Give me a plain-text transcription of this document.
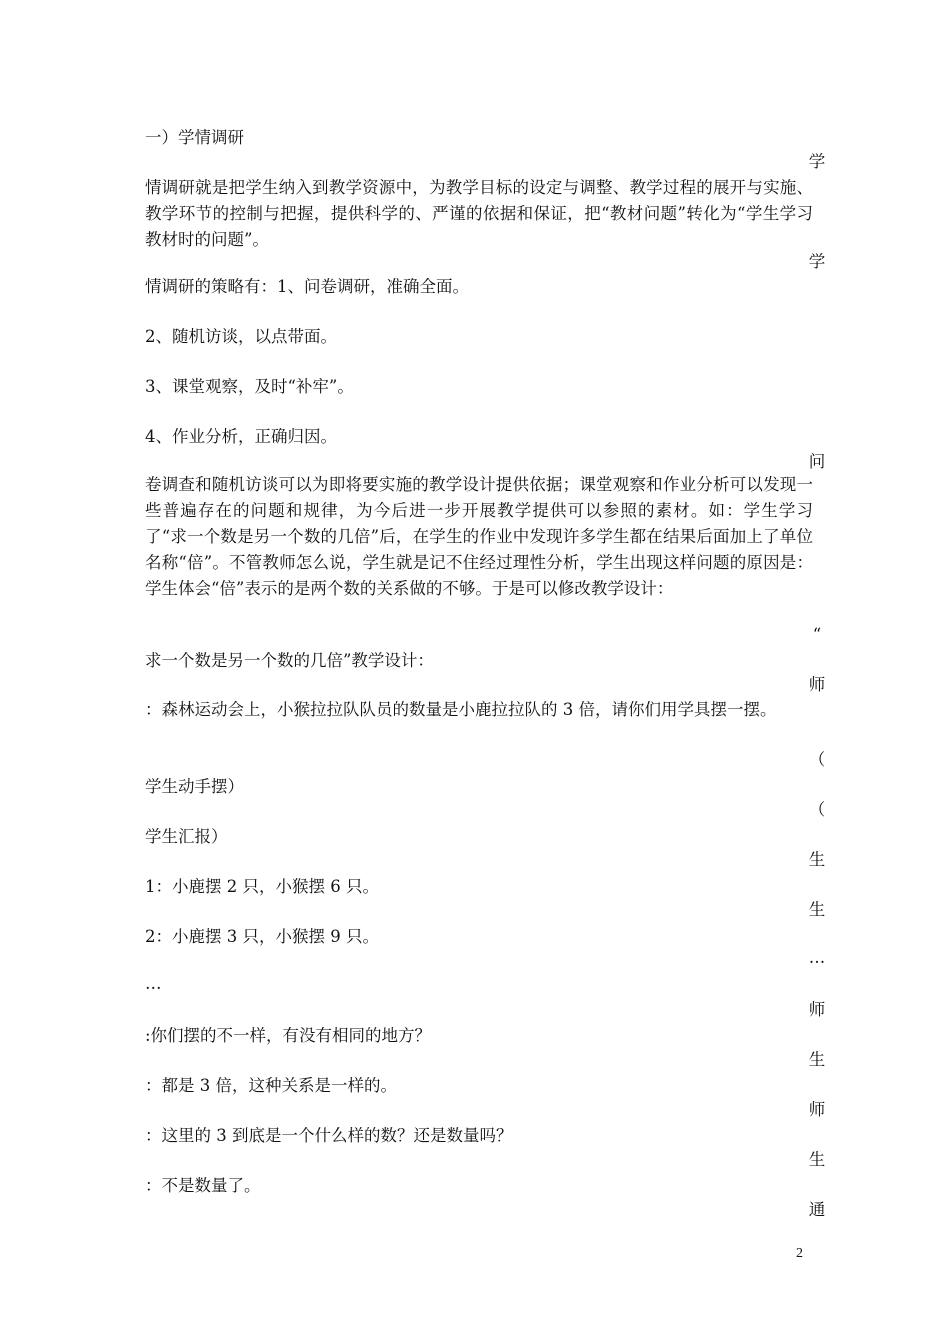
一）学情调研
情调研就是把学生纳入到教学资源中，为教学目标的设定与调整、教学过程的展开与实施、教学环节的控制与把握，提供科学的、严谨的依据和保证，把“教材问题”转化为“学生学习教材时的问题”。
情调研的策略有：1、问卷调研，准确全面。
2、随机访谈，以点带面。
3、课堂观察，及时“补牢”。
4、作业分析，正确归因。
卷调查和随机访谈可以为即将要实施的教学设计提供依据；课堂观察和作业分析可以发现一些普遍存在的问题和规律，为今后进一步开展教学提供可以参照的素材。如：学生学习了“求一个数是另一个数的几倍”后，在学生的作业中发现许多学生都在结果后面加上了单位名称“倍”。不管教师怎么说，学生就是记不住经过理性分析，学生出现这样问题的原因是：学生体会“倍”表示的是两个数的关系做的不够。于是可以修改教学设计：
求一个数是另一个数的几倍”教学设计：
：森林运动会上，小猴拉拉队队员的数量是小鹿拉拉队的 3 倍，请你们用学具摆一摆。
学生动手摆）
学生汇报）
1：小鹿摆 2 只，小猴摆 6 只。
2：小鹿摆 3 只，小猴摆 9 只。
…
:你们摆的不一样，有没有相同的地方？
：都是 3 倍，这种关系是一样的。
：这里的 3 到底是一个什么样的数？还是数量吗？
：不是数量了。
学
学
问
“
师
（
（
生
生
…
师
生
师
生
通
2
